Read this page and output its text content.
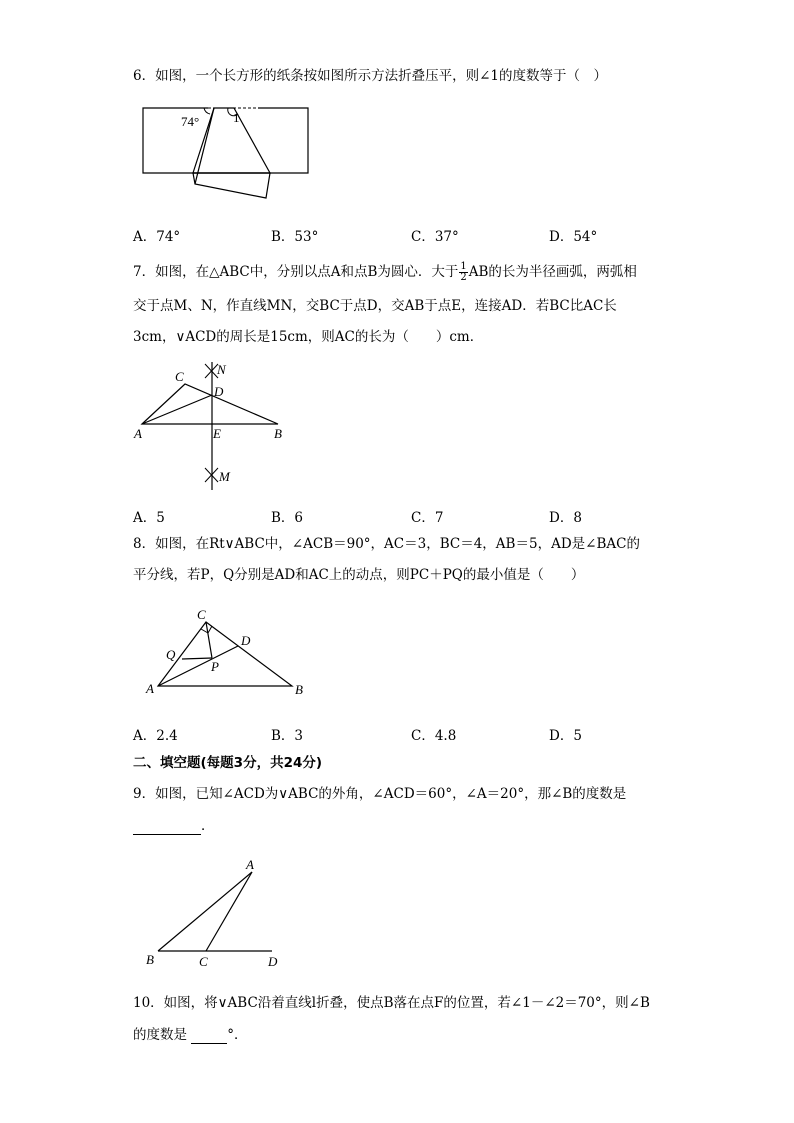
6．如图，一个长方形的纸条按如图所示方法折叠压平，则∠1的度数等于（　）
74°	1
A．74°	B．53°	C．37°	D．54°
7．如图，在△ABC中，分别以点A和点B为圆心．大于 $\frac{1}{2}$ AB的长为半径画弧，两弧相
交于点M、N，作直线MN，交BC于点D，交AB于点E，连接AD．若BC比AC长
3cm，∨ACD的周长是15cm，则AC的长为（　　）cm．
C	N
D
A	E	B
M
A．5	B．6	C．7	D．8
8．如图，在Rt∨ABC中，∠ACB＝90°，AC＝3，BC＝4，AB＝5，AD是∠BAC的
平分线，若P，Q分别是AD和AC上的动点，则PC＋PQ的最小值是（　　）
C
D
Q
P
A	B
A．2.4	B．3	C．4.8	D．5
二、填空题(每题3分，共24分)
9．如图，已知∠ACD为∨ABC的外角，∠ACD＝60°，∠A＝20°，那∠B的度数是
．
A
B	C	D
10．如图，将∨ABC沿着直线l折叠，使点B落在点F的位置，若∠1－∠2＝70°，则∠B
的度数是	°．
